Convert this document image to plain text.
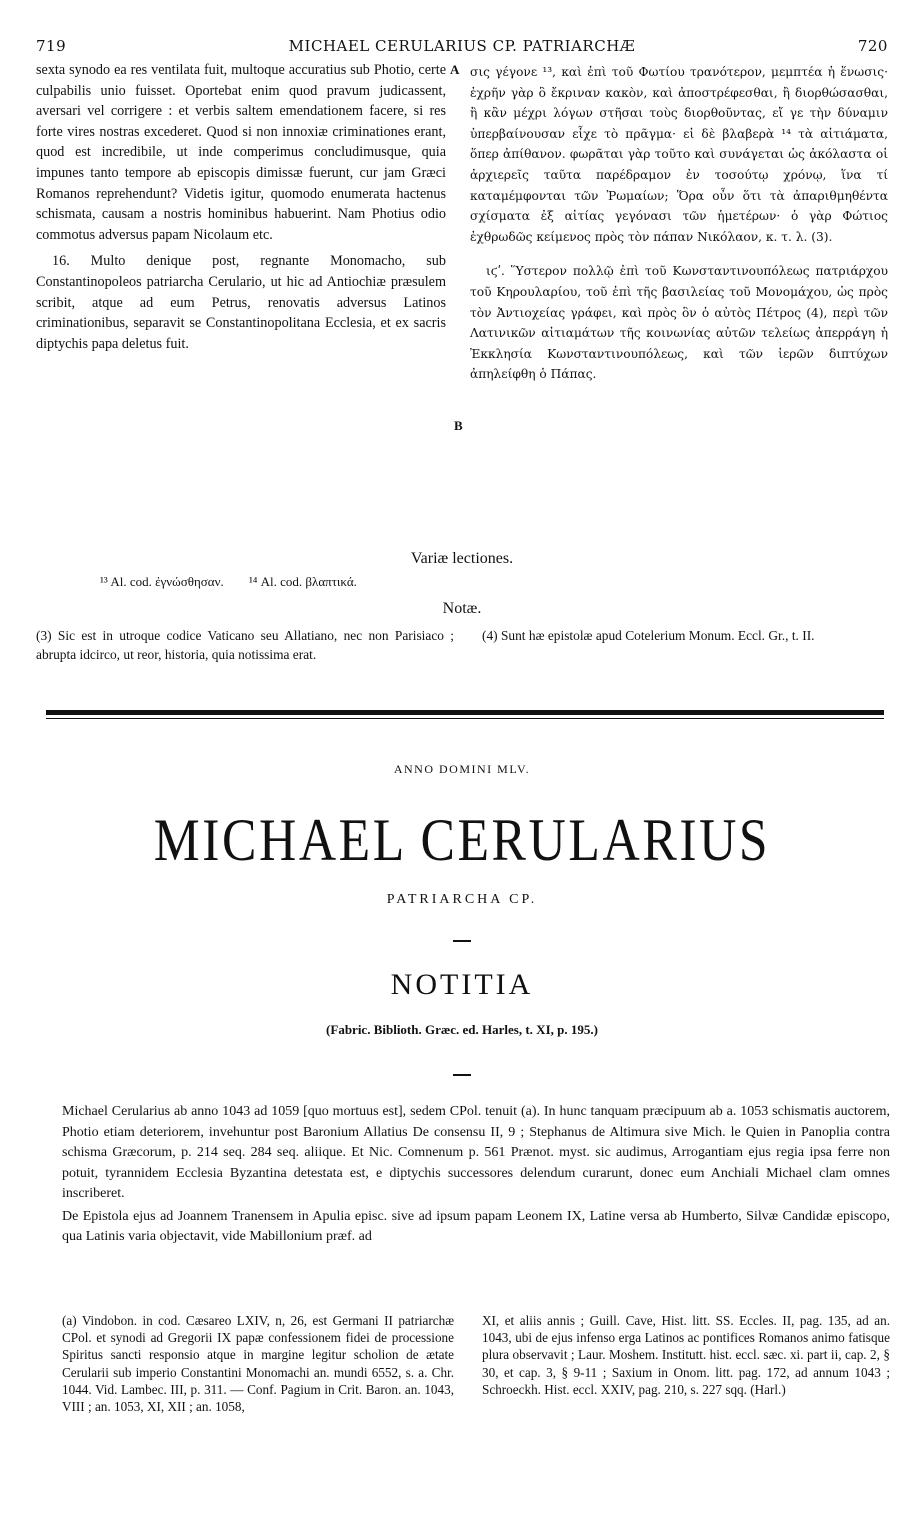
719	MICHAEL CERULARIUS CP. PATRIARCHÆ	720

sexta synodo ea res ventilata fuit, multoque accuratius sub Photio, certe culpabilis unio fuisset. Oportebat enim quod pravum judicassent, aversari vel corrigere : et verbis saltem emendationem facere, si res forte vires nostras excederet. Quod si non innoxiæ criminationes erant, quod est incredibile, ut inde comperimus concludimusque, quia impunes tanto tempore ab episcopis dimissæ fuerunt, cur jam Græci Romanos reprehendunt? Videtis igitur, quomodo enumerata hactenus schismata, causam a nostris hominibus habuerint. Nam Photius odio commotus adversus papam Nicolaum etc.

16. Multo denique post, regnante Monomacho, sub Constantinopoleos patriarcha Cerulario, ut hic ad Antiochiæ præsulem scribit, atque ad eum Petrus, renovatis adversus Latinos criminationibus, separavit se Constantinopolitana Ecclesia, et ex sacris diptychis papa deletus fuit.

A
B

σις γέγονε ¹³, καὶ ἐπὶ τοῦ Φωτίου τρανότερον, μεμπτέα ἡ ἕνωσις· ἐχρῆν γὰρ ὃ ἔκριναν κακὸν, καὶ ἀποστρέφεσθαι, ἢ διορθώσασθαι, ἢ κἂν μέχρι λόγων στῆσαι τοὺς διορθοῦντας, εἴ γε τὴν δύναμιν ὑπερβαίνουσαν εἶχε τὸ πρᾶγμα· εἰ δὲ βλαβερὰ ¹⁴ τὰ αἰτιάματα, ὅπερ ἀπίθανον. φωρᾶται γὰρ τοῦτο καὶ συνάγεται ὡς ἀκόλαστα οἱ ἀρχιερεῖς ταῦτα παρέδραμον ἐν τοσούτῳ χρόνῳ, ἵνα τί καταμέμφονται τῶν Ῥωμαίων; Ὅρα οὖν ὅτι τὰ ἀπαριθμηθέντα σχίσματα ἐξ αἰτίας γεγόνασι τῶν ἡμετέρων· ὁ γὰρ Φώτιος ἐχθρωδῶς κείμενος πρὸς τὸν πάπαν Νικόλαον, κ. τ. λ. (3).

ιϛʹ. Ὕστερον πολλῷ ἐπὶ τοῦ Κωνσταντινουπόλεως πατριάρχου τοῦ Κηρουλαρίου, τοῦ ἐπὶ τῆς βασιλείας τοῦ Μονομάχου, ὡς πρὸς τὸν Ἀντιοχείας γράφει, καὶ πρὸς ὃν ὁ αὐτὸς Πέτρος (4), περὶ τῶν Λατινικῶν αἰτιαμάτων τῆς κοινωνίας αὐτῶν τελείως ἀπερράγη ἡ Ἐκκλησία Κωνσταντινουπόλεως, καὶ τῶν ἱερῶν διπτύχων ἀπηλείφθη ὁ Πάπας.

Variæ lectiones.
¹³ Al. cod. ἐγνώσθησαν. ¹⁴ Al. cod. βλαπτικά.
Notæ.
(3) Sic est in utroque codice Vaticano seu Allatiano, nec non Parisiaco ; abrupta idcirco, ut reor, historia, quia notissima erat.
(4) Sunt hæ epistolæ apud Cotelerium Monum. Eccl. Gr., t. II.
ANNO DOMINI MLV.
MICHAEL CERULARIUS
PATRIARCHA CP.
NOTITIA
(Fabric. Biblioth. Græc. ed. Harles, t. XI, p. 195.)

Michael Cerularius ab anno 1043 ad 1059 [quo mortuus est], sedem CPol. tenuit (a). In hunc tanquam præcipuum ab a. 1053 schismatis auctorem, Photio etiam deteriorem, invehuntur post Baronium Allatius De consensu II, 9 ; Stephanus de Altimura sive Mich. le Quien in Panoplia contra schisma Græcorum, p. 214 seq. 284 seq. aliique. Et Nic. Comnenum p. 561 Prænot. myst. sic audimus, Arrogantiam ejus regia ipsa ferre non potuit, tyrannidem Ecclesia Byzantina detestata est, e diptychis successores delendum curarunt, donec eum Anchiali Michael clam omnes inscriberet.

De Epistola ejus ad Joannem Tranensem in Apulia episc. sive ad ipsum papam Leonem IX, Latine versa ab Humberto, Silvæ Candidæ episcopo, qua Latinis varia objectavit, vide Mabillonium præf. ad

(a) Vindobon. in cod. Cæsareo LXIV, n, 26, est Germani II patriarchæ CPol. et synodi ad Gregorii IX papæ confessionem fidei de processione Spiritus sancti responsio atque in margine legitur scholion de ætate Cerularii sub imperio Constantini Monomachi an. mundi 6552, s. a. Chr. 1044. Vid. Lambec. III, p. 311. — Conf. Pagium in Crit. Baron. an. 1043, VIII ; an. 1053, XI, XII ; an. 1058,
XI, et aliis annis ; Guill. Cave, Hist. litt. SS. Eccles. II, pag. 135, ad an. 1043, ubi de ejus infenso erga Latinos ac pontifices Romanos animo fatisque plura observavit ; Laur. Moshem. Institutt. hist. eccl. sæc. xi. part ii, cap. 2, § 30, et cap. 3, § 9-11 ; Saxium in Onom. litt. pag. 172, ad annum 1043 ; Schroeckh. Hist. eccl. XXIV, pag. 210, s. 227 sqq. (Harl.)
